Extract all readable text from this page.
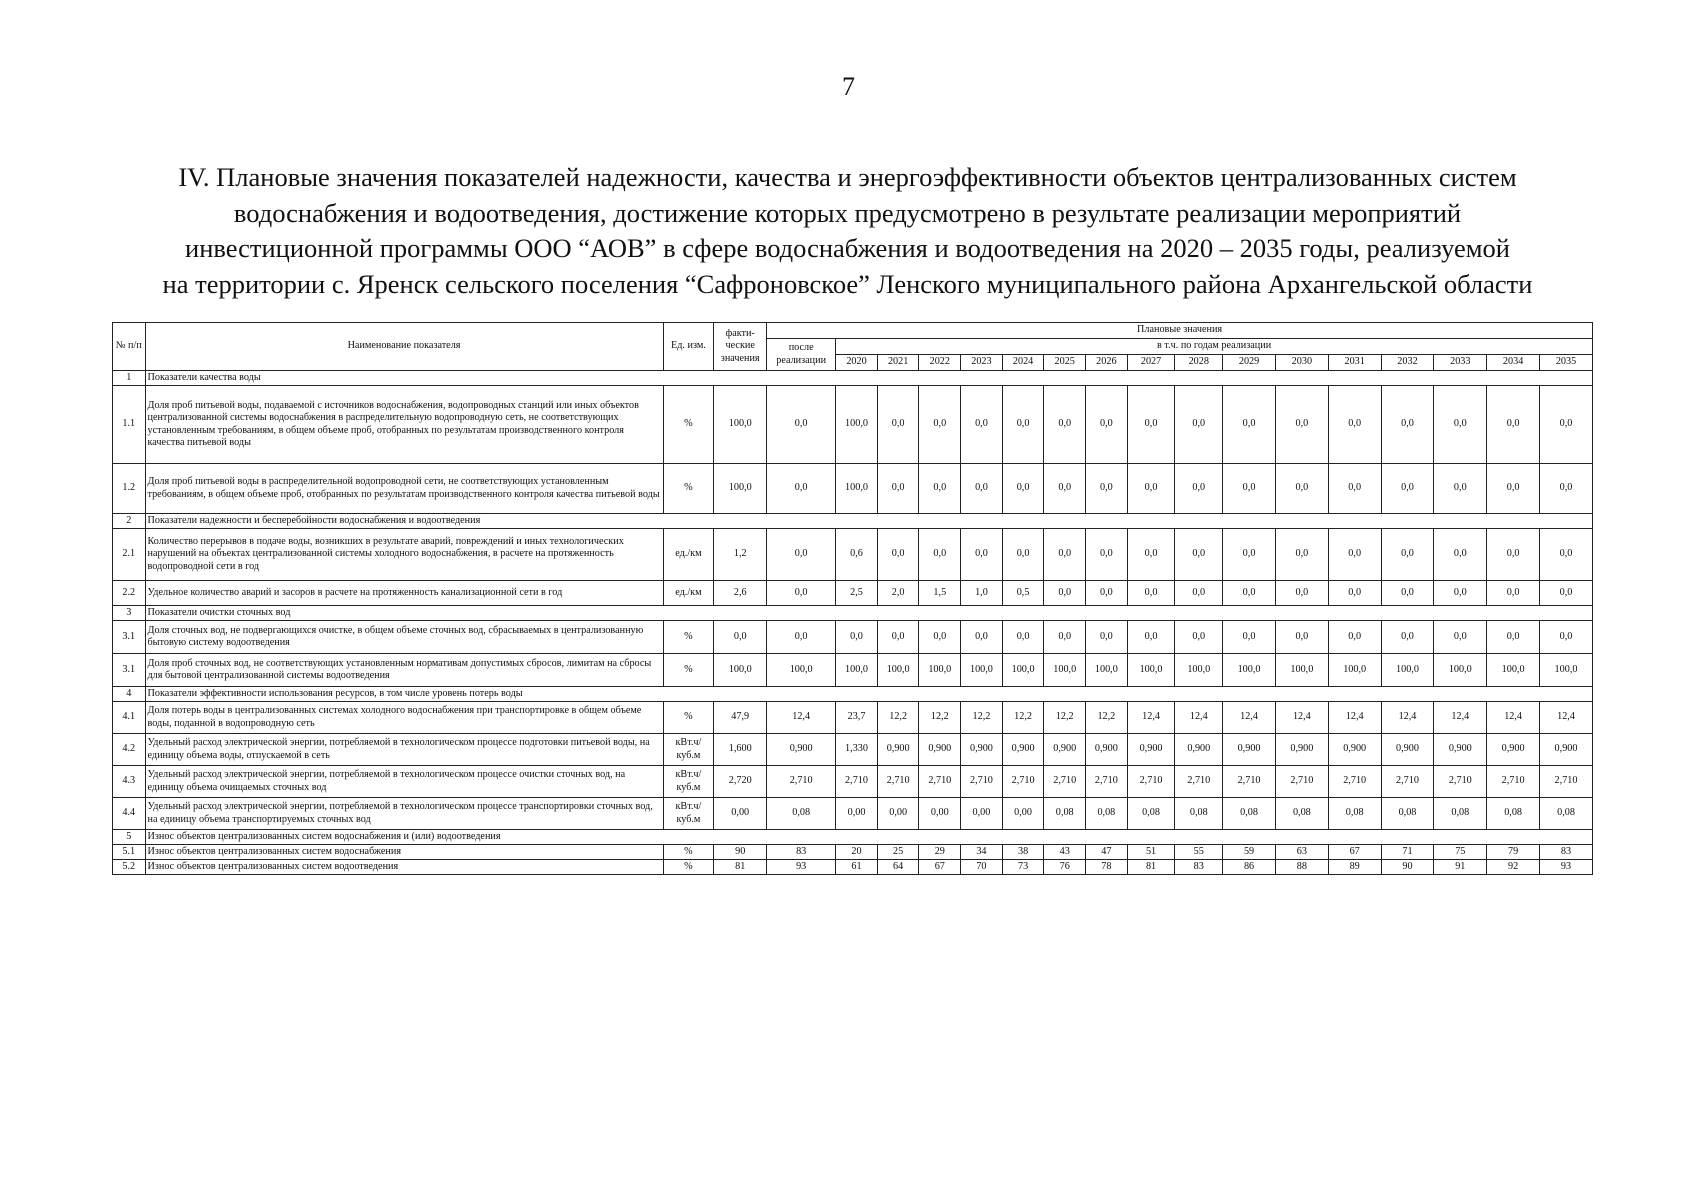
7
IV. Плановые значения показателей надежности, качества и энергоэффективности объектов централизованных систем
водоснабжения и водоотведения, достижение которых предусмотрено в результате реализации мероприятий
инвестиционной программы ООО “АОВ” в сфере водоснабжения и водоотведения на 2020 – 2035 годы, реализуемой
на территории с. Яренск сельского поселения “Сафроновское” Ленского муниципального района Архангельской области
№ п/п	Наименование показателя	Ед. изм.	факти-ческие значения	Плановые значения																
				после реализации	в т.ч. по годам реализации															
					2020	2021	2022	2023	2024	2025	2026	2027	2028	2029	2030	2031	2032	2033	2034	2035
1	Показатели качества воды																			
1.1	Доля проб питьевой воды, подаваемой с источников водоснабжения, водопроводных станций или иных объектов централизованной системы водоснабжения в распределительную водопроводную сеть, не соответствующих установленным требованиям, в общем объеме проб, отобранных по результатам производственного контроля качества питьевой воды	%	100,0	0,0	100,0	0,0	0,0	0,0	0,0	0,0	0,0	0,0	0,0	0,0	0,0	0,0	0,0	0,0	0,0	0,0
1.2	Доля проб питьевой воды в распределительной водопроводной сети, не соответствующих установленным требованиям, в общем объеме проб, отобранных по результатам производственного контроля качества питьевой воды	%	100,0	0,0	100,0	0,0	0,0	0,0	0,0	0,0	0,0	0,0	0,0	0,0	0,0	0,0	0,0	0,0	0,0	0,0
2	Показатели надежности и бесперебойности водоснабжения и водоотведения																			
2.1	Количество перерывов в подаче воды, возникших в результате аварий, повреждений и иных технологических нарушений на объектах централизованной системы холодного водоснабжения, в расчете на протяженность водопроводной сети в год	ед./км	1,2	0,0	0,6	0,0	0,0	0,0	0,0	0,0	0,0	0,0	0,0	0,0	0,0	0,0	0,0	0,0	0,0	0,0
2.2	Удельное количество аварий и засоров в расчете на протяженность канализационной сети в год	ед./км	2,6	0,0	2,5	2,0	1,5	1,0	0,5	0,0	0,0	0,0	0,0	0,0	0,0	0,0	0,0	0,0	0,0	0,0
3	Показатели очистки сточных вод																			
3.1	Доля сточных вод, не подвергающихся очистке, в общем объеме сточных вод, сбрасываемых в централизованную бытовую систему водоотведения	%	0,0	0,0	0,0	0,0	0,0	0,0	0,0	0,0	0,0	0,0	0,0	0,0	0,0	0,0	0,0	0,0	0,0	0,0
3.1	Доля проб сточных вод, не соответствующих установленным нормативам допустимых сбросов, лимитам на сбросы для бытовой централизованной системы водоотведения	%	100,0	100,0	100,0	100,0	100,0	100,0	100,0	100,0	100,0	100,0	100,0	100,0	100,0	100,0	100,0	100,0	100,0	100,0
4	Показатели эффективности использования ресурсов, в том числе уровень потерь воды																			
4.1	Доля потерь воды в централизованных системах холодного водоснабжения при транспортировке в общем объеме воды, поданной в водопроводную сеть	%	47,9	12,4	23,7	12,2	12,2	12,2	12,2	12,2	12,2	12,4	12,4	12,4	12,4	12,4	12,4	12,4	12,4	12,4
4.2	Удельный расход электрической энергии, потребляемой в технологическом процессе подготовки питьевой воды, на единицу объема воды, отпускаемой в сеть	кВт.ч/куб.м	1,600	0,900	1,330	0,900	0,900	0,900	0,900	0,900	0,900	0,900	0,900	0,900	0,900	0,900	0,900	0,900	0,900	0,900
4.3	Удельный расход электрической энергии, потребляемой в технологическом процессе очистки сточных вод, на единицу объема очищаемых сточных вод	кВт.ч/куб.м	2,720	2,710	2,710	2,710	2,710	2,710	2,710	2,710	2,710	2,710	2,710	2,710	2,710	2,710	2,710	2,710	2,710	2,710
4.4	Удельный расход электрической энергии, потребляемой в технологическом процессе транспортировки сточных вод, на единицу объема транспортируемых сточных вод	кВт.ч/куб.м	0,00	0,08	0,00	0,00	0,00	0,00	0,00	0,08	0,08	0,08	0,08	0,08	0,08	0,08	0,08	0,08	0,08	0,08
5	Износ объектов централизованных систем водоснабжения и (или) водоотведения																			
5.1	Износ объектов централизованных систем водоснабжения	%	90	83	20	25	29	34	38	43	47	51	55	59	63	67	71	75	79	83
5.2	Износ объектов централизованных систем водоотведения	%	81	93	61	64	67	70	73	76	78	81	83	86	88	89	90	91	92	93
